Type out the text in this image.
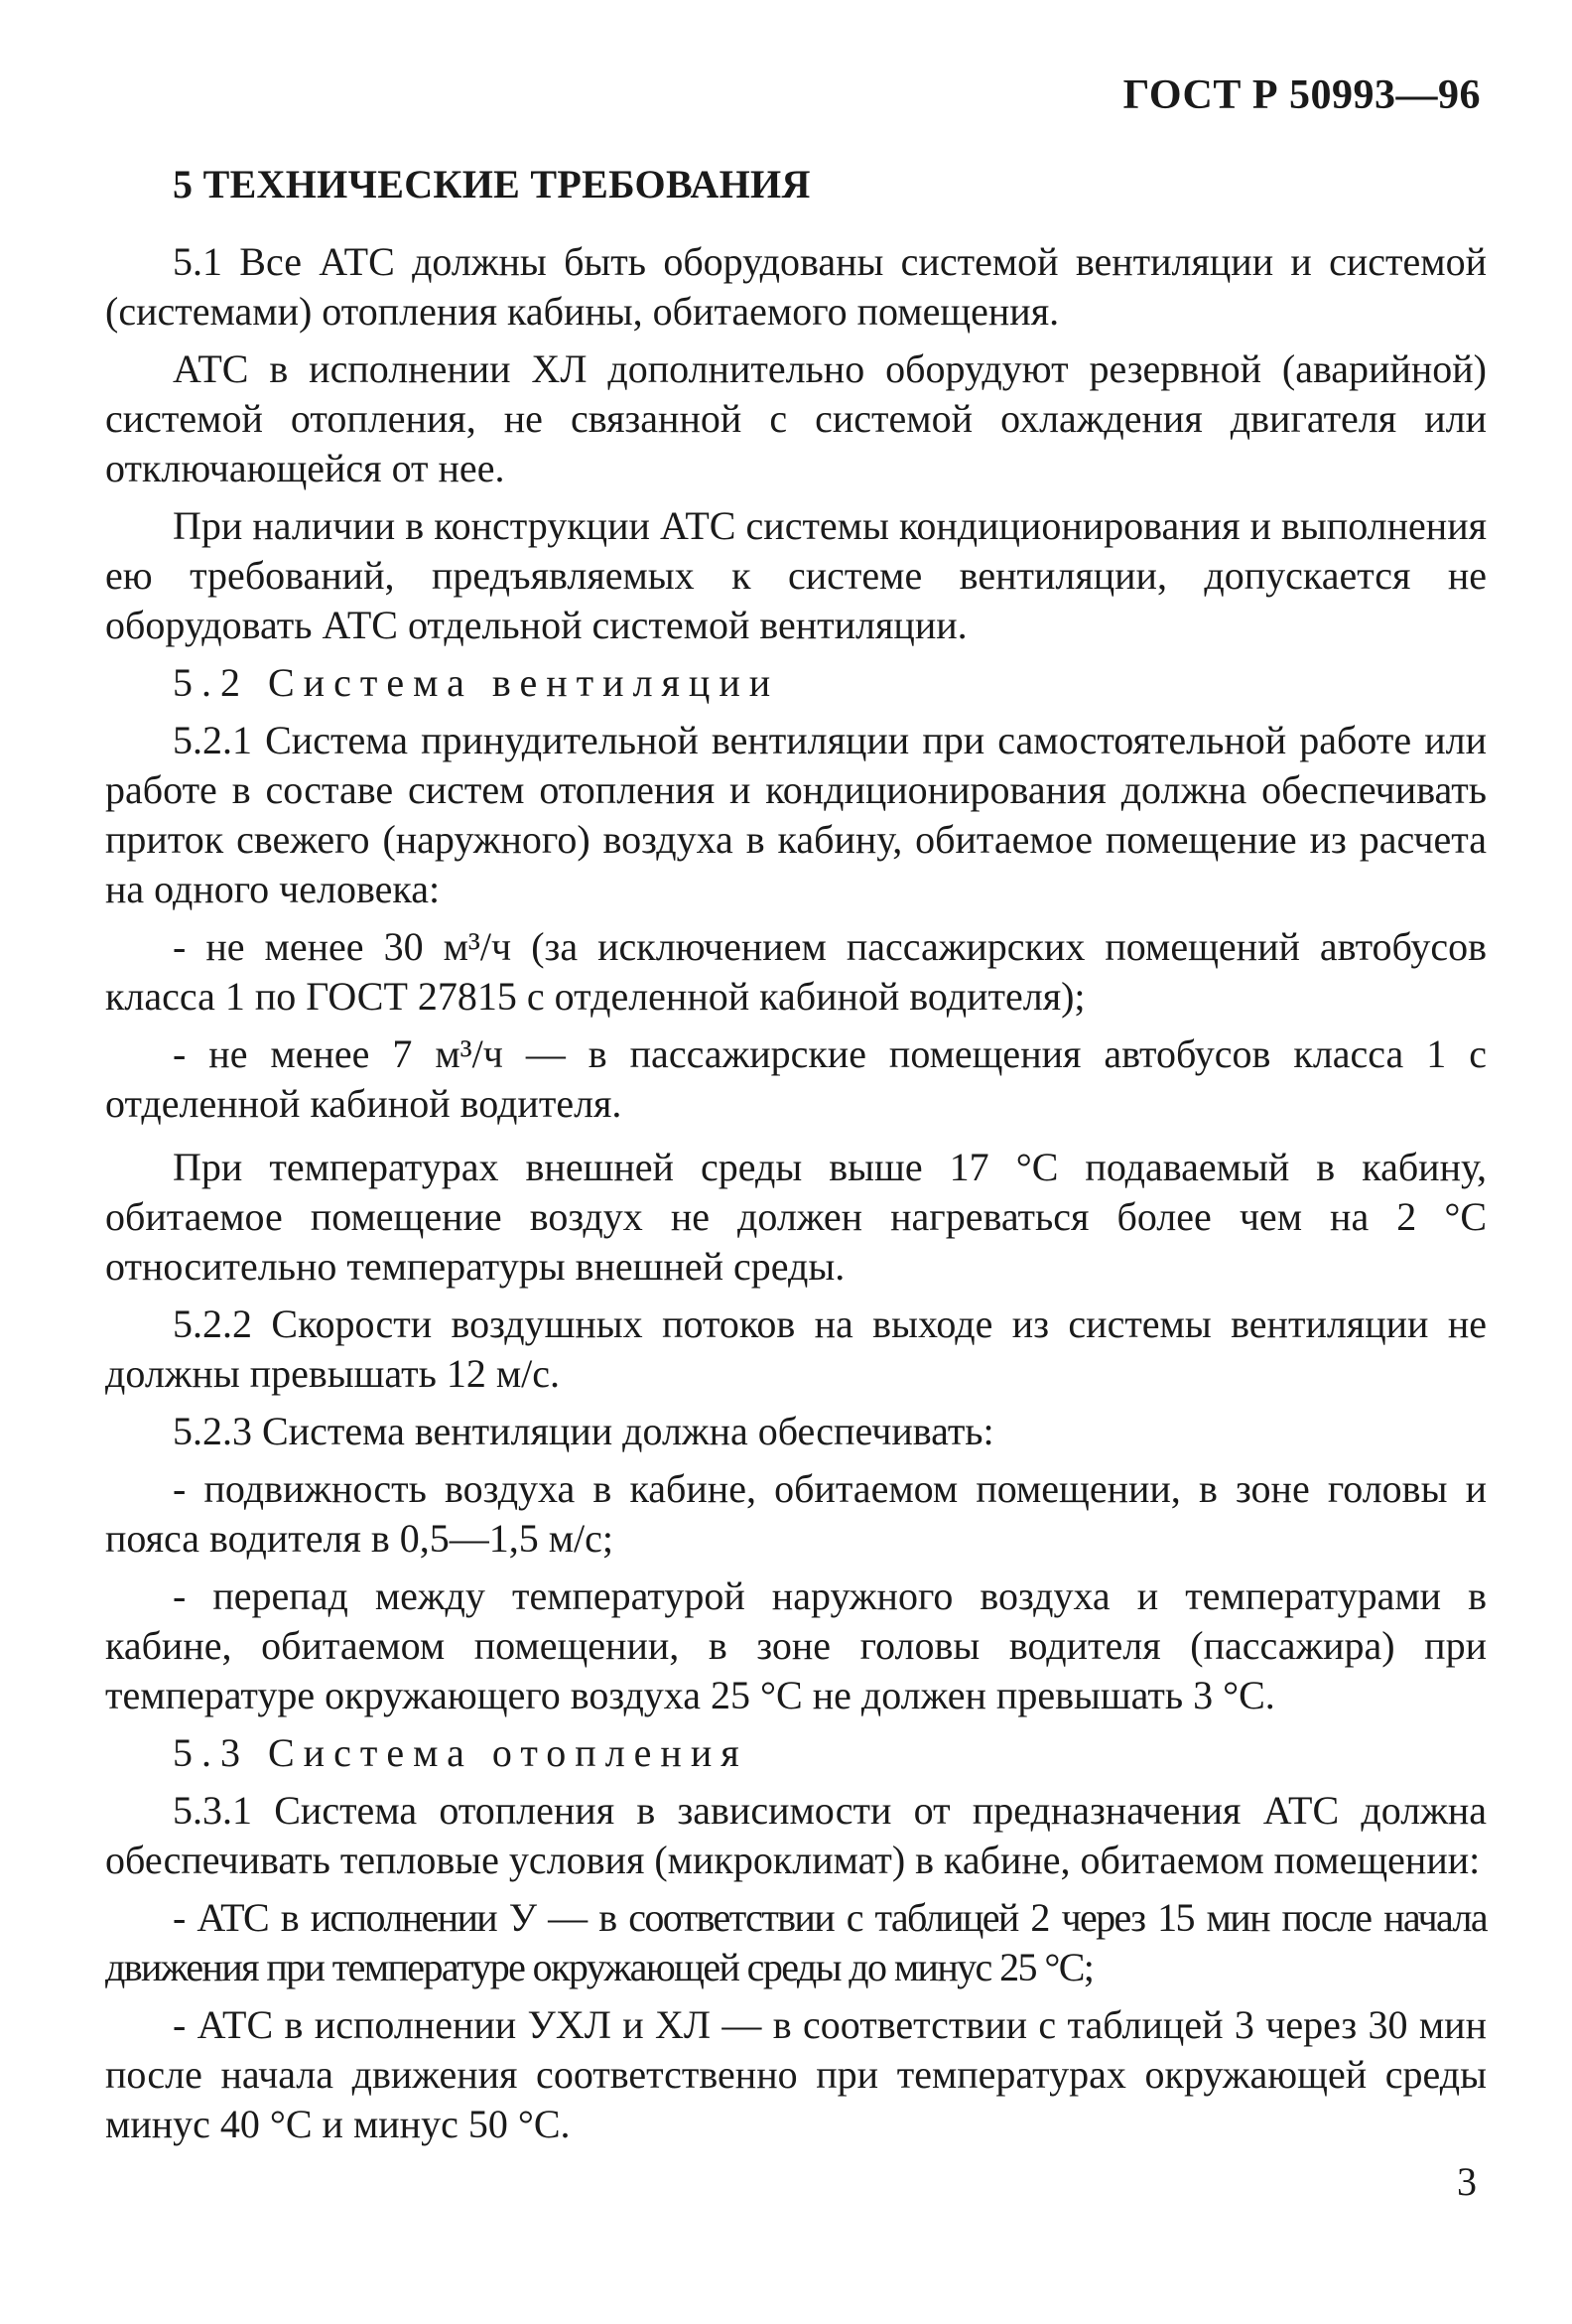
ГОСТ Р 50993—96
5 ТЕХНИЧЕСКИЕ ТРЕБОВАНИЯ

5.1 Все АТС должны быть оборудованы системой вентиляции и системой (системами) отопления кабины, обитаемого помещения.

АТС в исполнении ХЛ дополнительно оборудуют резервной (аварийной) системой отопления, не связанной с системой охлаждения двигателя или отключающейся от нее.

При наличии в конструкции АТС системы кондиционирования и выполнения ею требований, предъявляемых к системе вентиляции, допускается не оборудовать АТС отдельной системой вентиляции.

5.2 Система вентиляции

5.2.1 Система принудительной вентиляции при самостоятельной работе или работе в составе систем отопления и кондиционирования должна обеспечивать приток свежего (наружного) воздуха в кабину, обитаемое помещение из расчета на одного человека:

- не менее 30 м³/ч (за исключением пассажирских помещений автобусов класса 1 по ГОСТ 27815 с отделенной кабиной водителя);

- не менее 7 м³/ч — в пассажирские помещения автобусов класса 1 с отделенной кабиной водителя.

При температурах внешней среды выше 17 °С подаваемый в кабину, обитаемое помещение воздух не должен нагреваться более чем на 2 °С относительно температуры внешней среды.

5.2.2 Скорости воздушных потоков на выходе из системы вентиляции не должны превышать 12 м/с.

5.2.3 Система вентиляции должна обеспечивать:

- подвижность воздуха в кабине, обитаемом помещении, в зоне головы и пояса водителя в 0,5—1,5 м/с;

- перепад между температурой наружного воздуха и температурами в кабине, обитаемом помещении, в зоне головы водителя (пассажира) при температуре окружающего воздуха 25 °С не должен превышать 3 °С.

5.3 Система отопления

5.3.1 Система отопления в зависимости от предназначения АТС должна обеспечивать тепловые условия (микроклимат) в кабине, обитаемом помещении:

- АТС в исполнении У — в соответствии с таблицей 2 через 15 мин после начала движения при температуре окружающей среды до минус 25 °С;

- АТС в исполнении УХЛ и ХЛ — в соответствии с таблицей 3 через 30 мин после начала движения соответственно при температурах окружающей среды минус 40 °С и минус 50 °С.

3
